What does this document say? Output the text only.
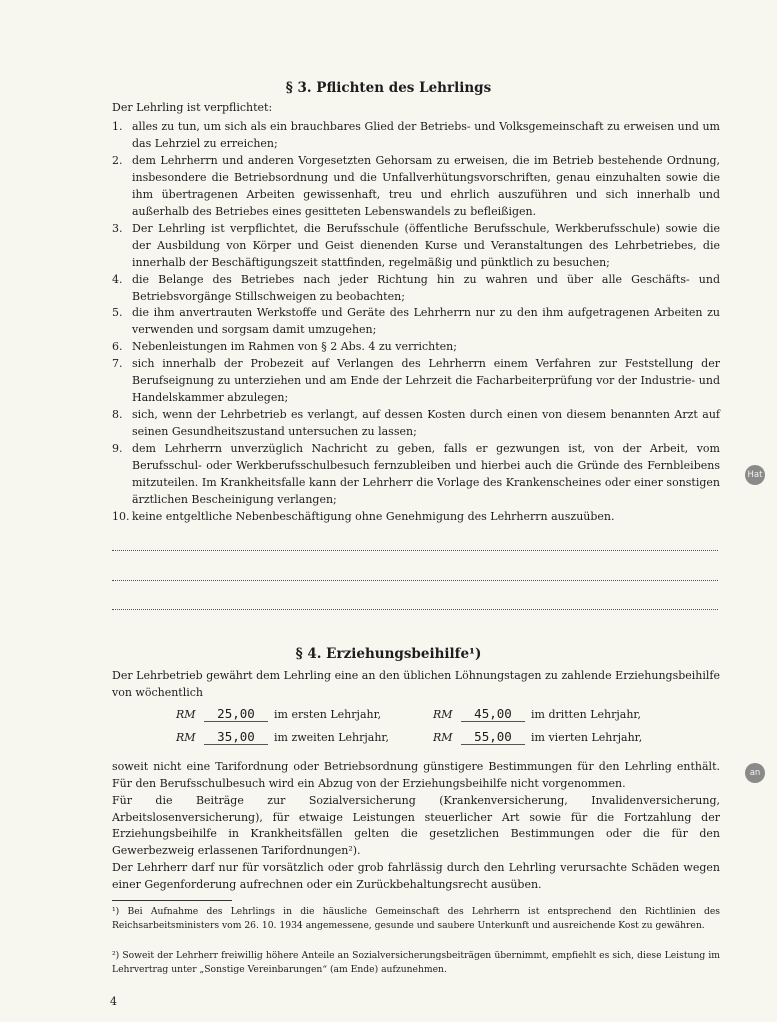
§ 3. Pflichten des Lehrlings
Der Lehrling ist verpflichtet:
1. alles zu tun, um sich als ein brauchbares Glied der Betriebs- und Volksgemeinschaft zu erweisen und um das Lehrziel zu erreichen;
2. dem Lehrherrn und anderen Vorgesetzten Gehorsam zu erweisen, die im Betrieb bestehende Ordnung, insbesondere die Betriebsordnung und die Unfallverhütungsvorschriften, genau einzuhalten sowie die ihm übertragenen Arbeiten gewissenhaft, treu und ehrlich auszuführen und sich innerhalb und außerhalb des Betriebes eines gesitteten Lebenswandels zu befleißigen.
3. Der Lehrling ist verpflichtet, die Berufsschule (öffentliche Berufsschule, Werkberufsschule) sowie die der Ausbildung von Körper und Geist dienenden Kurse und Veranstaltungen des Lehrbetriebes, die innerhalb der Beschäftigungszeit stattfinden, regelmäßig und pünktlich zu besuchen;
4. die Belange des Betriebes nach jeder Richtung hin zu wahren und über alle Geschäfts- und Betriebsvorgänge Stillschweigen zu beobachten;
5. die ihm anvertrauten Werkstoffe und Geräte des Lehrherrn nur zu den ihm aufgetragenen Arbeiten zu verwenden und sorgsam damit umzugehen;
6. Nebenleistungen im Rahmen von § 2 Abs. 4 zu verrichten;
7. sich innerhalb der Probezeit auf Verlangen des Lehrherrn einem Verfahren zur Feststellung der Berufseignung zu unterziehen und am Ende der Lehrzeit die Facharbeiterprüfung vor der Industrie- und Handelskammer abzulegen;
8. sich, wenn der Lehrbetrieb es verlangt, auf dessen Kosten durch einen von diesem benannten Arzt auf seinen Gesundheitszustand untersuchen zu lassen;
9. dem Lehrherrn unverzüglich Nachricht zu geben, falls er gezwungen ist, von der Arbeit, vom Berufsschul- oder Werkberufsschulbesuch fernzubleiben und hierbei auch die Gründe des Fernbleibens mitzuteilen. Im Krankheitsfalle kann der Lehrherr die Vorlage des Krankenscheines oder einer sonstigen ärztlichen Bescheinigung verlangen;
10. keine entgeltliche Nebenbeschäftigung ohne Genehmigung des Lehrherrn auszuüben.
§ 4. Erziehungsbeihilfe¹)
Der Lehrbetrieb gewährt dem Lehrling eine an den üblichen Löhnungstagen zu zahlende Erziehungsbeihilfe von wöchentlich
RM 25,00 im ersten Lehrjahr,
RM 35,00 im zweiten Lehrjahr,
RM 45,00 im dritten Lehrjahr,
RM 55,00 im vierten Lehrjahr,
soweit nicht eine Tarifordnung oder Betriebsordnung günstigere Bestimmungen für den Lehrling enthält. Für den Berufsschulbesuch wird ein Abzug von der Erziehungsbeihilfe nicht vorgenommen.
Für die Beiträge zur Sozialversicherung (Krankenversicherung, Invalidenversicherung, Arbeitslosenversicherung), für etwaige Leistungen steuerlicher Art sowie für die Fortzahlung der Erziehungsbeihilfe in Krankheitsfällen gelten die gesetzlichen Bestimmungen oder die für den Gewerbezweig erlassenen Tarifordnungen²).
Der Lehrherr darf nur für vorsätzlich oder grob fahrlässig durch den Lehrling verursachte Schäden wegen einer Gegenforderung aufrechnen oder ein Zurückbehaltungsrecht ausüben.
¹) Bei Aufnahme des Lehrlings in die häusliche Gemeinschaft des Lehrherrn ist entsprechend den Richtlinien des Reichsarbeitsministers vom 26. 10. 1934 angemessene, gesunde und saubere Unterkunft und ausreichende Kost zu gewähren.
²) Soweit der Lehrherr freiwillig höhere Anteile an Sozialversicherungsbeiträgen übernimmt, empfiehlt es sich, diese Leistung im Lehrvertrag unter „Sonstige Vereinbarungen“ (am Ende) aufzunehmen.
4
Hat
an
